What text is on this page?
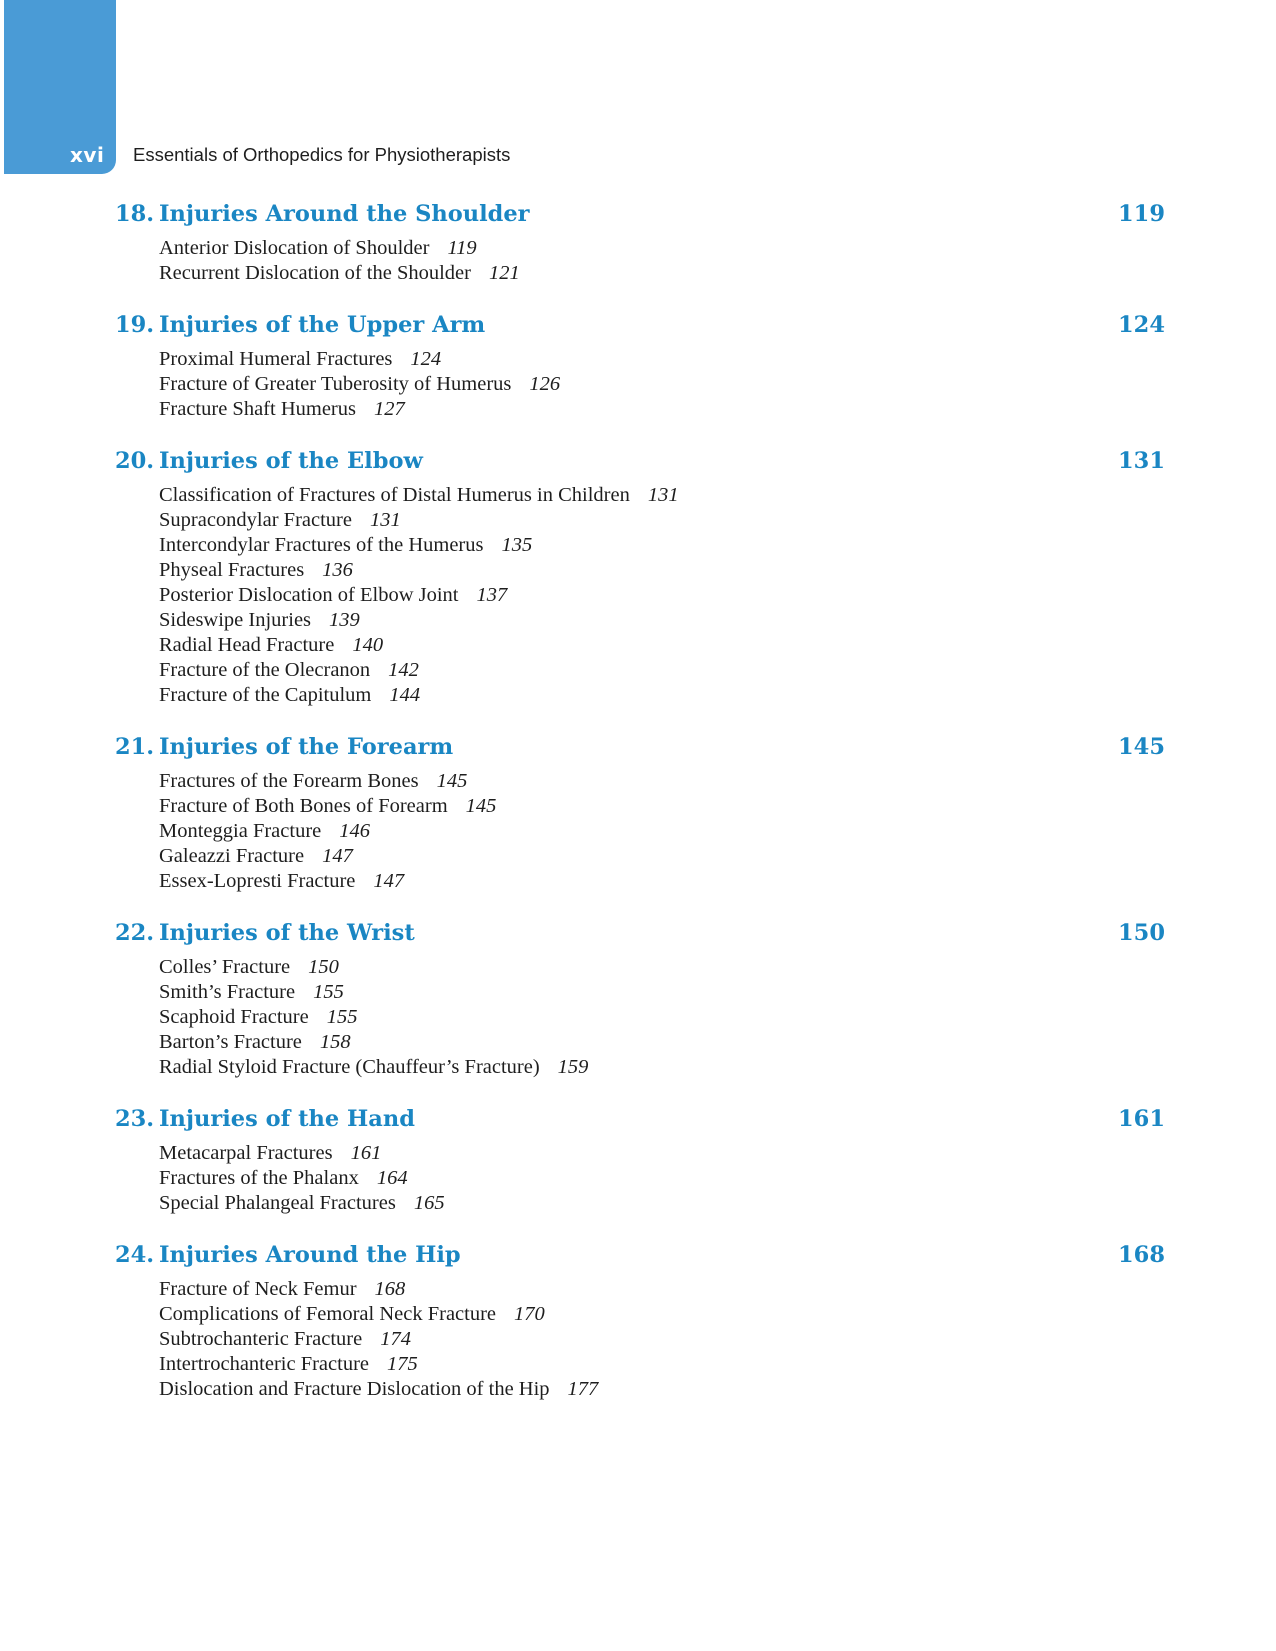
xvi Essentials of Orthopedics for Physiotherapists
18. Injuries Around the Shoulder	119
Anterior Dislocation of Shoulder 119
Recurrent Dislocation of the Shoulder 121
19. Injuries of the Upper Arm	124
Proximal Humeral Fractures 124
Fracture of Greater Tuberosity of Humerus 126
Fracture Shaft Humerus 127
20. Injuries of the Elbow	131
Classification of Fractures of Distal Humerus in Children 131
Supracondylar Fracture 131
Intercondylar Fractures of the Humerus 135
Physeal Fractures 136
Posterior Dislocation of Elbow Joint 137
Sideswipe Injuries 139
Radial Head Fracture 140
Fracture of the Olecranon 142
Fracture of the Capitulum 144
21. Injuries of the Forearm	145
Fractures of the Forearm Bones 145
Fracture of Both Bones of Forearm 145
Monteggia Fracture 146
Galeazzi Fracture 147
Essex-Lopresti Fracture 147
22. Injuries of the Wrist	150
Colles’ Fracture 150
Smith’s Fracture 155
Scaphoid Fracture 155
Barton’s Fracture 158
Radial Styloid Fracture (Chauffeur’s Fracture) 159
23. Injuries of the Hand	161
Metacarpal Fractures 161
Fractures of the Phalanx 164
Special Phalangeal Fractures 165
24. Injuries Around the Hip	168
Fracture of Neck Femur 168
Complications of Femoral Neck Fracture 170
Subtrochanteric Fracture 174
Intertrochanteric Fracture 175
Dislocation and Fracture Dislocation of the Hip 177
